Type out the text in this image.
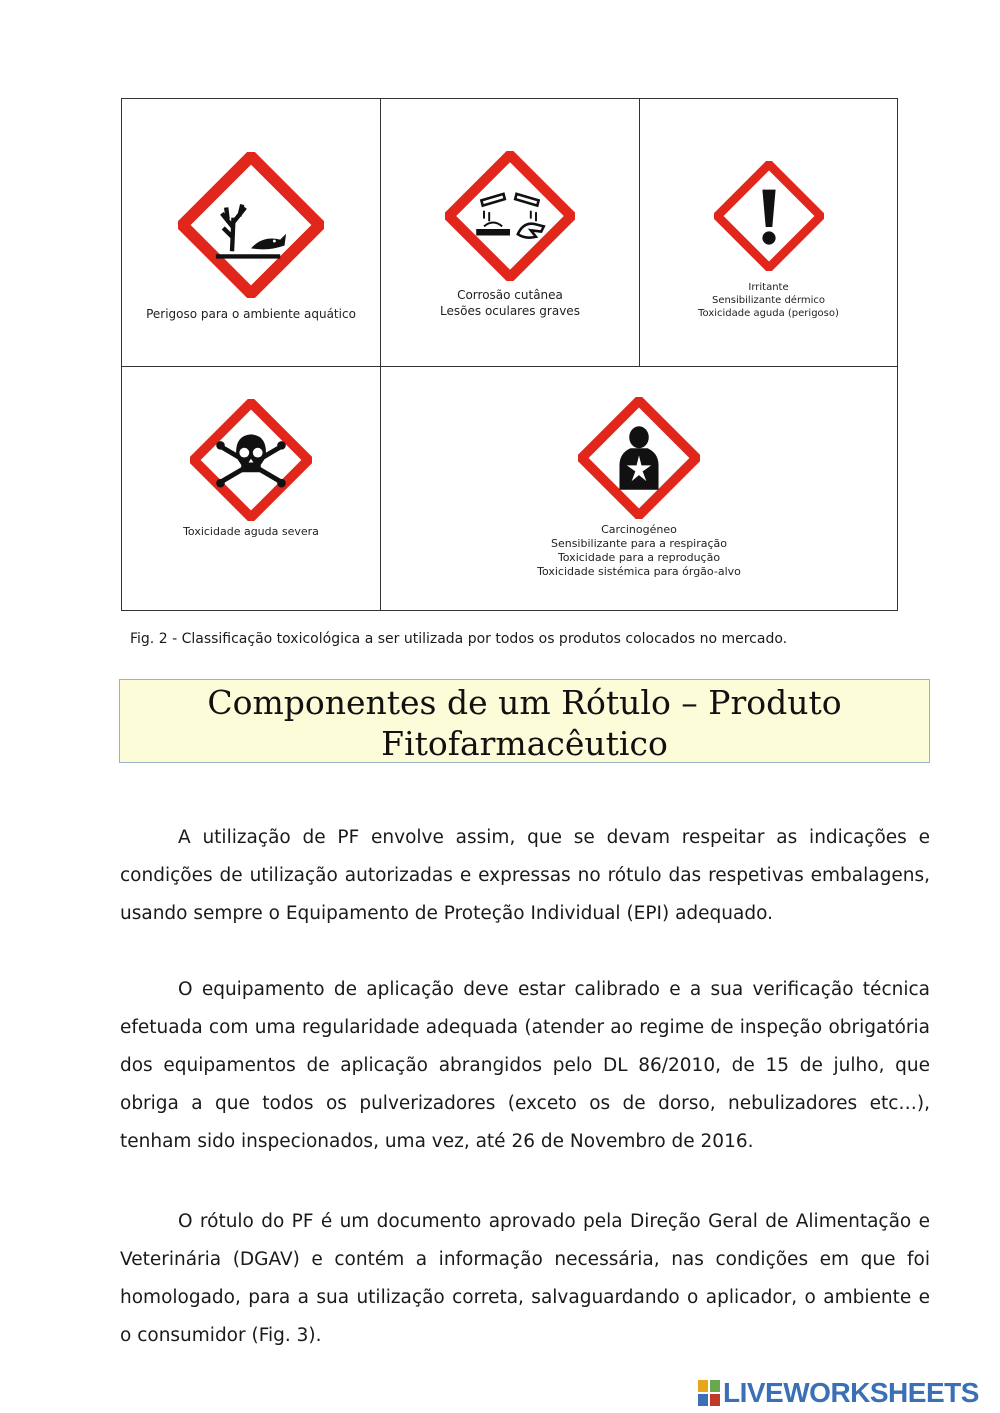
Perigoso para o ambiente aquático
Corrosão cutânea
Lesões oculares graves
Irritante
Sensibilizante dérmico
Toxicidade aguda (perigoso)
Toxicidade aguda severa	Carcinogéneo
Sensibilizante para a respiração
Toxicidade para a reprodução
Toxicidade sistémica para órgão-alvo
Fig. 2 - Classificação toxicológica a ser utilizada por todos os produtos colocados no mercado.
Componentes de um Rótulo – Produto
Fitofarmacêutico

A utilização de PF envolve assim, que se devam respeitar as indicações e condições de utilização autorizadas e expressas no rótulo das respetivas embalagens, usando sempre o Equipamento de Proteção Individual (EPI) adequado.

O equipamento de aplicação deve estar calibrado e a sua verificação técnica efetuada com uma regularidade adequada (atender ao regime de inspeção obrigatória dos equipamentos de aplicação abrangidos pelo DL 86/2010, de 15 de julho, que obriga a que todos os pulverizadores (exceto os de dorso, nebulizadores etc…), tenham sido inspecionados, uma vez, até 26 de Novembro de 2016.

O rótulo do PF é um documento aprovado pela Direção Geral de Alimentação e Veterinária (DGAV) e contém a informação necessária, nas condições em que foi homologado, para a sua utilização correta, salvaguardando o aplicador, o ambiente e o consumidor (Fig. 3).

LIVEWORKSHEETS
